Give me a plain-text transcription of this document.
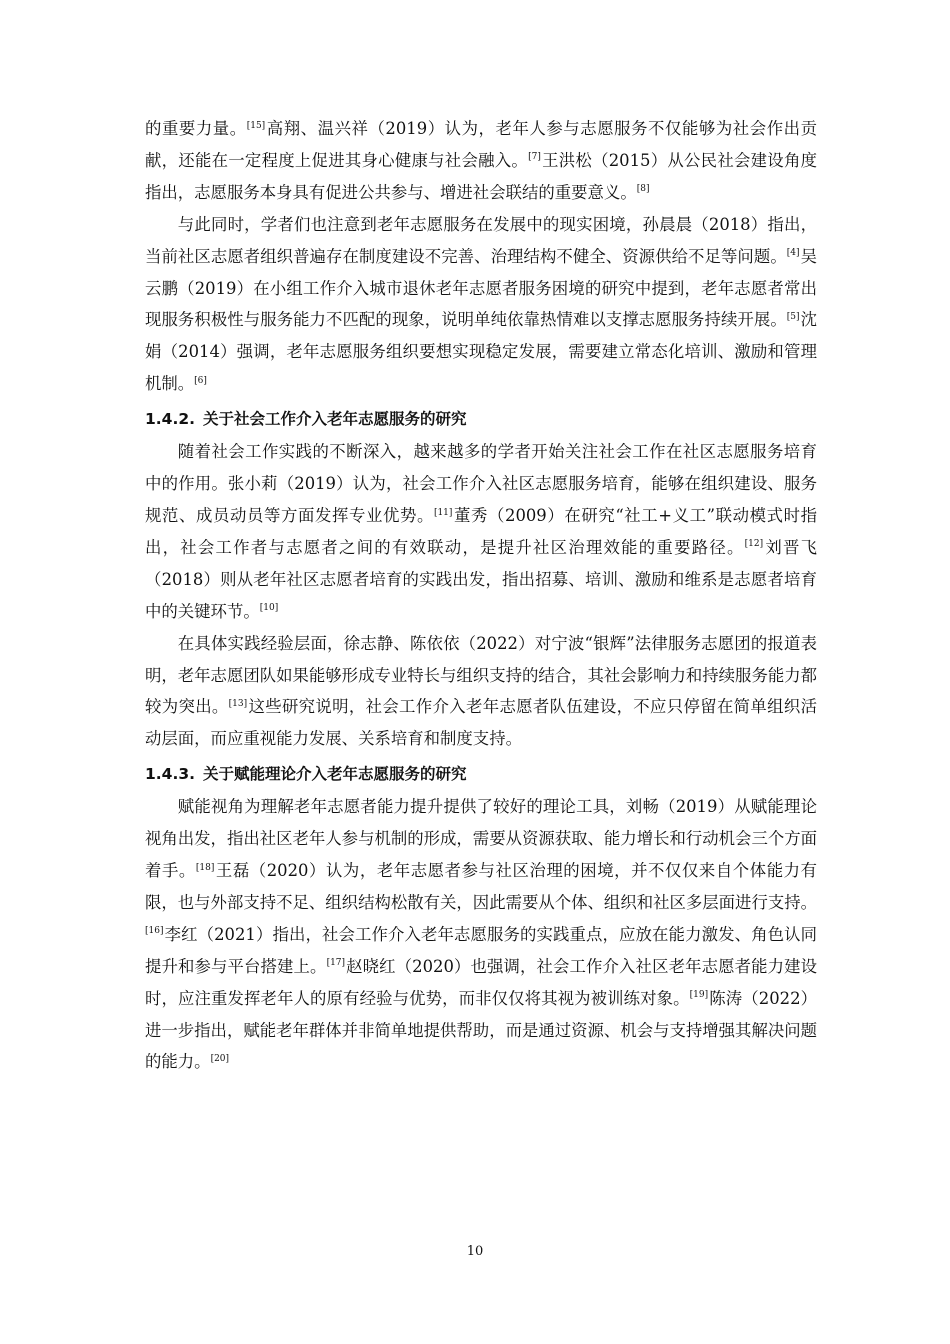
的重要力量。[15]高翔、温兴祥（2019）认为，老年人参与志愿服务不仅能够为社会作出贡献，还能在一定程度上促进其身心健康与社会融入。[7]王洪松（2015）从公民社会建设角度指出，志愿服务本身具有促进公共参与、增进社会联结的重要意义。[8]

与此同时，学者们也注意到老年志愿服务在发展中的现实困境，孙晨晨（2018）指出，当前社区志愿者组织普遍存在制度建设不完善、治理结构不健全、资源供给不足等问题。[4]吴云鹏（2019）在小组工作介入城市退休老年志愿者服务困境的研究中提到，老年志愿者常出现服务积极性与服务能力不匹配的现象，说明单纯依靠热情难以支撑志愿服务持续开展。[5]沈娟（2014）强调，老年志愿服务组织要想实现稳定发展，需要建立常态化培训、激励和管理机制。[6]

1.4.2. 关于社会工作介入老年志愿服务的研究

随着社会工作实践的不断深入，越来越多的学者开始关注社会工作在社区志愿服务培育中的作用。张小莉（2019）认为，社会工作介入社区志愿服务培育，能够在组织建设、服务规范、成员动员等方面发挥专业优势。[11]董秀（2009）在研究“社工+义工”联动模式时指出，社会工作者与志愿者之间的有效联动，是提升社区治理效能的重要路径。[12]刘晋飞（2018）则从老年社区志愿者培育的实践出发，指出招募、培训、激励和维系是志愿者培育中的关键环节。[10]

在具体实践经验层面，徐志静、陈依依（2022）对宁波“银辉”法律服务志愿团的报道表明，老年志愿团队如果能够形成专业特长与组织支持的结合，其社会影响力和持续服务能力都较为突出。[13]这些研究说明，社会工作介入老年志愿者队伍建设，不应只停留在简单组织活动层面，而应重视能力发展、关系培育和制度支持。

1.4.3. 关于赋能理论介入老年志愿服务的研究

赋能视角为理解老年志愿者能力提升提供了较好的理论工具，刘畅（2019）从赋能理论视角出发，指出社区老年人参与机制的形成，需要从资源获取、能力增长和行动机会三个方面着手。[18]王磊（2020）认为，老年志愿者参与社区治理的困境，并不仅仅来自个体能力有限，也与外部支持不足、组织结构松散有关，因此需要从个体、组织和社区多层面进行支持。[16]李红（2021）指出，社会工作介入老年志愿服务的实践重点，应放在能力激发、角色认同提升和参与平台搭建上。[17]赵晓红（2020）也强调，社会工作介入社区老年志愿者能力建设时，应注重发挥老年人的原有经验与优势，而非仅仅将其视为被训练对象。[19]陈涛（2022）进一步指出，赋能老年群体并非简单地提供帮助，而是通过资源、机会与支持增强其解决问题的能力。[20]

10
